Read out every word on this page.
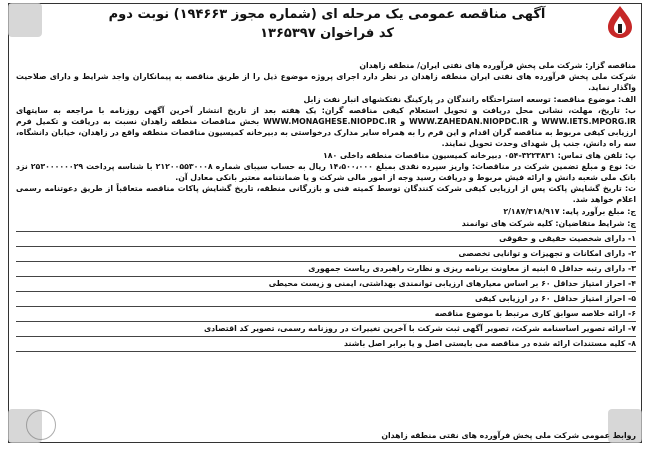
آگهی مناقصه عمومی یک مرحله ای (شماره مجوز ۱۹۴۶۶۳) نوبت دوم

کد فراخوان ۱۳۶۵۳۹۷

مناقصه گزار: شرکت ملی پخش فرآورده های نفتی ایران/ منطقه زاهدان

شرکت ملی پخش فرآورده های نفتی ایران منطقه زاهدان در نظر دارد اجرای پروژه موضوع ذیل را از طریق مناقصه به پیمانکاران واجد شرایط و دارای صلاحیت واگذار نماید.

الف: موضوع مناقصه: توسعه استراحتگاه رانندگان در پارکینگ نفتکشهای انبار نفت زابل

ب: تاریخ، مهلت، نشانی محل دریافت و تحویل استعلام کیفی مناقصه گران: یک هفته بعد از تاریخ انتشار آخرین آگهی روزنامه با مراجعه به سایتهای WWW.IETS.MPORG.IR و WWW.ZAHEDAN.NIOPDC.IR و WWW.MONAGHESE.NIOPDC.IR بخش مناقصات منطقه زاهدان نسبت به دریافت و تکمیل فرم ارزیابی کیفی مربوط به مناقصه گران اقدام و این فرم را به همراه سایر مدارک درخواستی به دبیرخانه کمیسیون مناقصات منطقه واقع در زاهدان، خیابان دانشگاه، سه راه دانش، جنب پل شهدای وحدت تحویل نمایند.

پ: تلفن های تماس: ۳۲۲۳۸۳۱-۰۵۴ دبیرخانه کمیسیون مناقصات منطقه داخلی ۱۸۰

ت: نوع و مبلغ تضمین شرکت در مناقصات: واریز سپرده نقدی بمبلغ ۱۴،۵۰۰،۰۰۰ ریال به حساب سیبای شماره ۲۱۲۰۰۵۵۳۰۰۰۸ با شناسه پرداخت ۲۵۳۰۰۰۰۰۰۲۹ نزد بانک ملی شعبه دانش و ارائه فیش مربوط و دریافت رسید وجه از امور مالی شرکت و یا ضمانتنامه معتبر بانکی معادل آن.

ث: تاریخ گشایش پاکت پس از ارزیابی کیفی شرکت کنندگان توسط کمیته فنی و بازرگانی منطقه، تاریخ گشایش پاکات مناقصه متعاقباً از طریق دعوتنامه رسمی اعلام خواهد شد.

ج: مبلغ برآورد پایه: ۲/۱۸۷/۳۱۸/۹۱۷

چ: شرایط متقاضیان: کلیه شرکت های توانمند

۱- دارای شخصیت حقیقی و حقوقی

۲- دارای امکانات و تجهیزات و توانایی تخصصی

۳- دارای رتبه حداقل ۵ ابنیه از معاونت برنامه ریزی و نظارت راهبردی ریاست جمهوری

۴- احراز امتیاز حداقل ۶۰ بر اساس معیارهای ارزیابی توانمندی بهداشتی، ایمنی و زیست محیطی

۵- احراز امتیاز حداقل ۶۰ در ارزیابی کیفی

۶- ارائه خلاصه سوابق کاری مرتبط با موضوع مناقصه

۷- ارائه تصویر اساسنامه شرکت، تصویر آگهی ثبت شرکت با آخرین تغییرات در روزنامه رسمی، تصویر کد اقتصادی

۸- کلیه مستندات ارائه شده در مناقصه می بایستی اصل و یا برابر اصل باشند

روابط عمومی شرکت ملی پخش فرآورده های نفتی منطقه زاهدان
